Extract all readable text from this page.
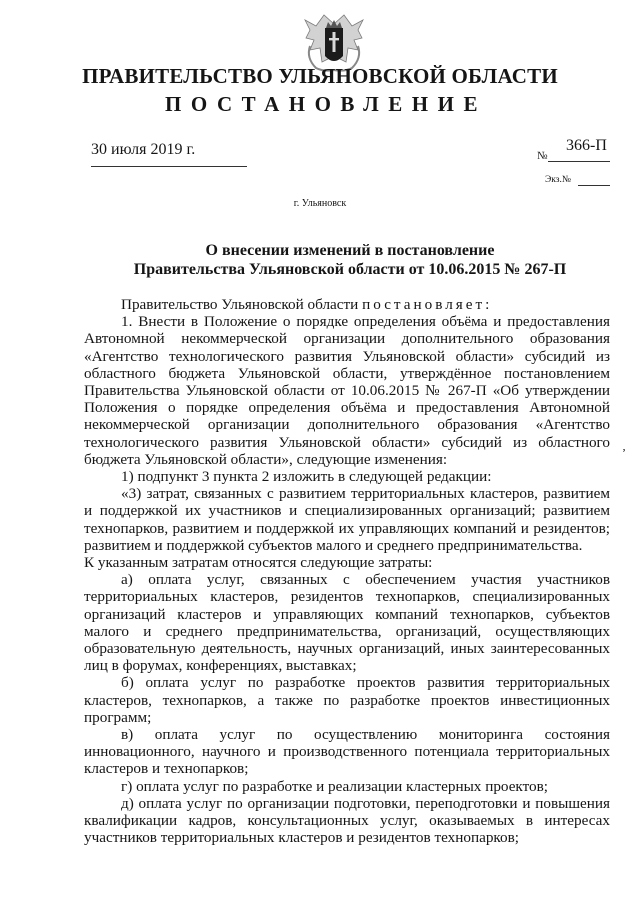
ПРАВИТЕЛЬСТВО УЛЬЯНОВСКОЙ ОБЛАСТИ
ПОСТАНОВЛЕНИЕ
30 июля 2019 г.	№
366-П
Экз.№
г. Ульяновск
О внесении изменений в постановление
Правительства Ульяновской области от 10.06.2015 № 267-П

Правительство Ульяновской области постановляет:

1. Внести в Положение о порядке определения объёма и предоставления Автономной некоммерческой организации дополнительного образования «Агентство технологического развития Ульяновской области» субсидий из областного бюджета Ульяновской области, утверждённое постановлением Правительства Ульяновской области от 10.06.2015 № 267-П «Об утверждении Положения о порядке определения объёма и предоставления Автономной некоммерческой организации дополнительного образования «Агентство технологического развития Ульяновской области» субсидий из областного бюджета Ульяновской области», следующие изменения:

1) подпункт 3 пункта 2 изложить в следующей редакции:

«3) затрат, связанных с развитием территориальных кластеров, развитием и поддержкой их участников и специализированных организаций; развитием технопарков, развитием и поддержкой их управляющих компаний и резидентов; развитием и поддержкой субъектов малого и среднего предпринимательства.

К указанным затратам относятся следующие затраты:

а) оплата услуг, связанных с обеспечением участия участников территориальных кластеров, резидентов технопарков, специализированных организаций кластеров и управляющих компаний технопарков, субъектов малого и среднего предпринимательства, организаций, осуществляющих образовательную деятельность, научных организаций, иных заинтересованных лиц в форумах, конференциях, выставках;

б) оплата услуг по разработке проектов развития территориальных кластеров, технопарков, а также по разработке проектов инвестиционных программ;

в) оплата услуг по осуществлению мониторинга состояния инновационного, научного и производственного потенциала территориальных кластеров и технопарков;

г) оплата услуг по разработке и реализации кластерных проектов;

д) оплата услуг по организации подготовки, переподготовки и повышения квалификации кадров, консультационных услуг, оказываемых в интересах участников территориальных кластеров и резидентов технопарков;

ʼ
